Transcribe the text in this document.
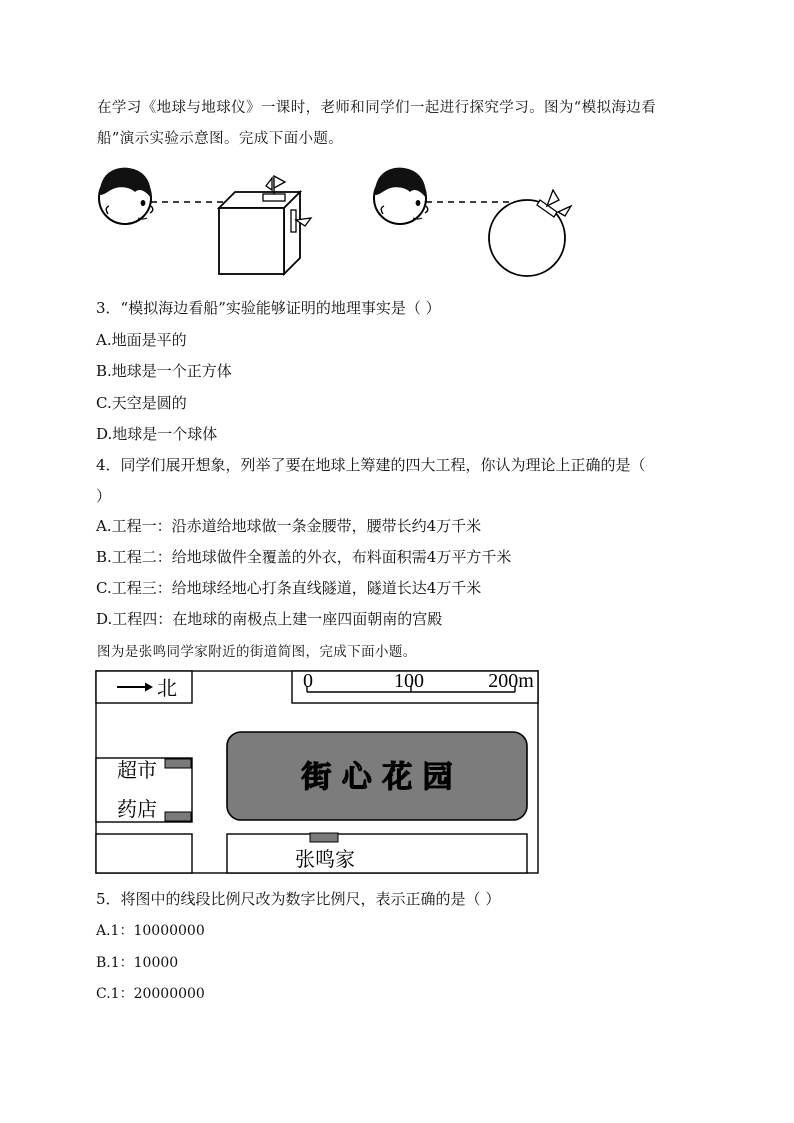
在学习《地球与地球仪》一课时，老师和同学们一起进行探究学习。图为“模拟海边看
船”演示实验示意图。完成下面小题。
3．“模拟海边看船”实验能够证明的地理事实是（ ）
A.地面是平的
B.地球是一个正方体
C.天空是圆的
D.地球是一个球体
4．同学们展开想象，列举了要在地球上筹建的四大工程，你认为理论上正确的是（
）
A.工程一：沿赤道给地球做一条金腰带，腰带长约4万千米
B.工程二：给地球做件全覆盖的外衣，布料面积需4万平方千米
C.工程三：给地球经地心打条直线隧道，隧道长达4万千米
D.工程四：在地球的南极点上建一座四面朝南的宫殿
图为是张鸣同学家附近的街道简图，完成下面小题。
北	0	100	200m
超市
药店
街 心 花 园
张鸣家
5．将图中的线段比例尺改为数字比例尺，表示正确的是（ ）
A.1：10000000
B.1：10000
C.1：20000000
